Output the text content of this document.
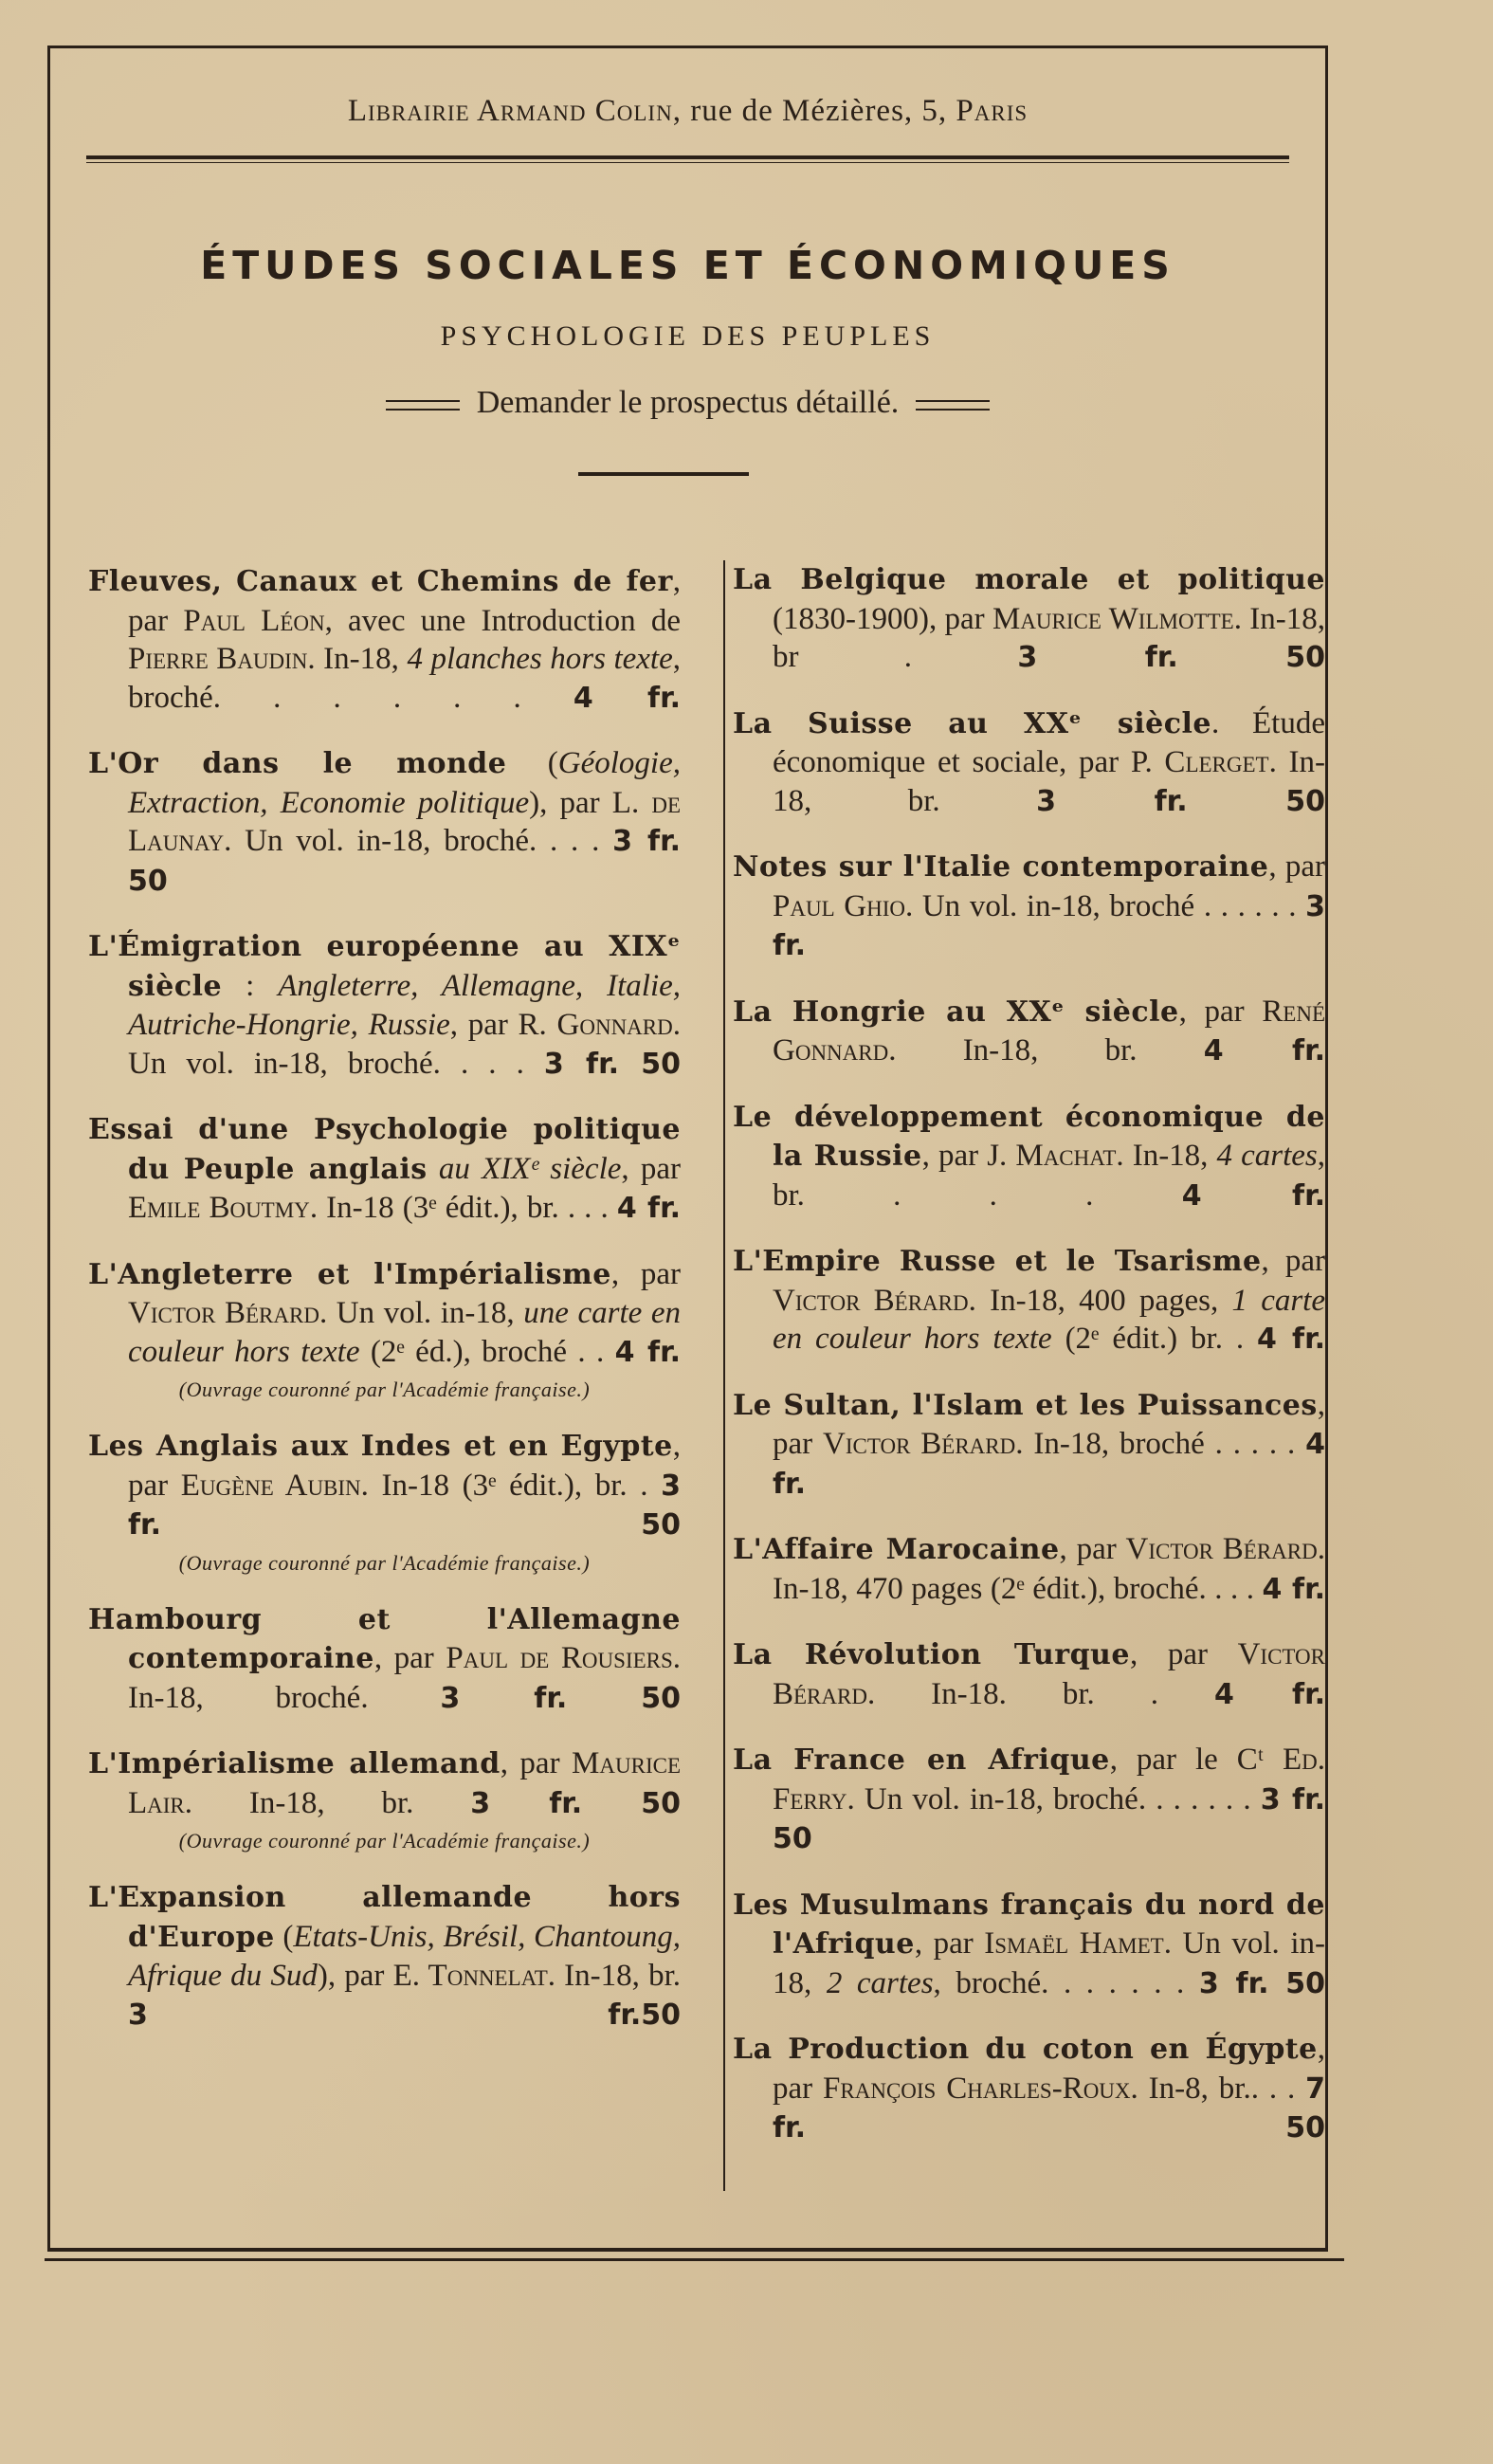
Librairie Armand Colin, rue de Mézières, 5, Paris
ÉTUDES SOCIALES ET ÉCONOMIQUES
PSYCHOLOGIE DES PEUPLES
Demander le prospectus détaillé.
Fleuves, Canaux et Chemins de fer, par Paul Léon, avec une Introduction de Pierre Baudin. In-18, 4 planches hors texte, broché. . . . . . 4 fr.
L'Or dans le monde (Géologie, Extraction, Economie politique), par L. de Launay. Un vol. in-18, broché. . . . 3 fr. 50
L'Émigration européenne au XIXᵉ siècle : Angleterre, Allemagne, Italie, Autriche-Hongrie, Russie, par R. Gonnard. Un vol. in-18, broché. . . . 3 fr. 50
Essai d'une Psychologie politique du Peuple anglais au XIXᵉ siècle, par Emile Boutmy. In-18 (3ᵉ édit.), br. . . . 4 fr.
L'Angleterre et l'Impérialisme, par Victor Bérard. Un vol. in-18, une carte en couleur hors texte (2ᵉ éd.), broché . . 4 fr.
(Ouvrage couronné par l'Académie française.)
Les Anglais aux Indes et en Egypte, par Eugène Aubin. In-18 (3ᵉ édit.), br. . 3 fr. 50
(Ouvrage couronné par l'Académie française.)
Hambourg et l'Allemagne contemporaine, par Paul de Rousiers. In-18, broché. 3 fr. 50
L'Impérialisme allemand, par Maurice Lair. In-18, br. 3 fr. 50
(Ouvrage couronné par l'Académie française.)
L'Expansion allemande hors d'Europe (Etats-Unis, Brésil, Chantoung, Afrique du Sud), par E. Tonnelat. In-18, br. 3 fr.50
La Belgique morale et politique (1830-1900), par Maurice Wilmotte. In-18, br . 3 fr. 50
La Suisse au XXᵉ siècle. Étude économique et sociale, par P. Clerget. In-18, br. 3 fr. 50
Notes sur l'Italie contemporaine, par Paul Ghio. Un vol. in-18, broché . . . . . . 3 fr.
La Hongrie au XXᵉ siècle, par René Gonnard. In-18, br. 4 fr.
Le développement économique de la Russie, par J. Machat. In-18, 4 cartes, br. . . . 4 fr.
L'Empire Russe et le Tsarisme, par Victor Bérard. In-18, 400 pages, 1 carte en couleur hors texte (2ᵉ édit.) br. . 4 fr.
Le Sultan, l'Islam et les Puissances, par Victor Bérard. In-18, broché . . . . . 4 fr.
L'Affaire Marocaine, par Victor Bérard. In-18, 470 pages (2ᵉ édit.), broché. . . . 4 fr.
La Révolution Turque, par Victor Bérard. In-18. br. . 4 fr.
La France en Afrique, par le Cᵗ Ed. Ferry. Un vol. in-18, broché. . . . . . . 3 fr. 50
Les Musulmans français du nord de l'Afrique, par Ismaël Hamet. Un vol. in-18, 2 cartes, broché. . . . . . . 3 fr. 50
La Production du coton en Égypte, par François Charles-Roux. In-8, br.. . . 7 fr. 50
